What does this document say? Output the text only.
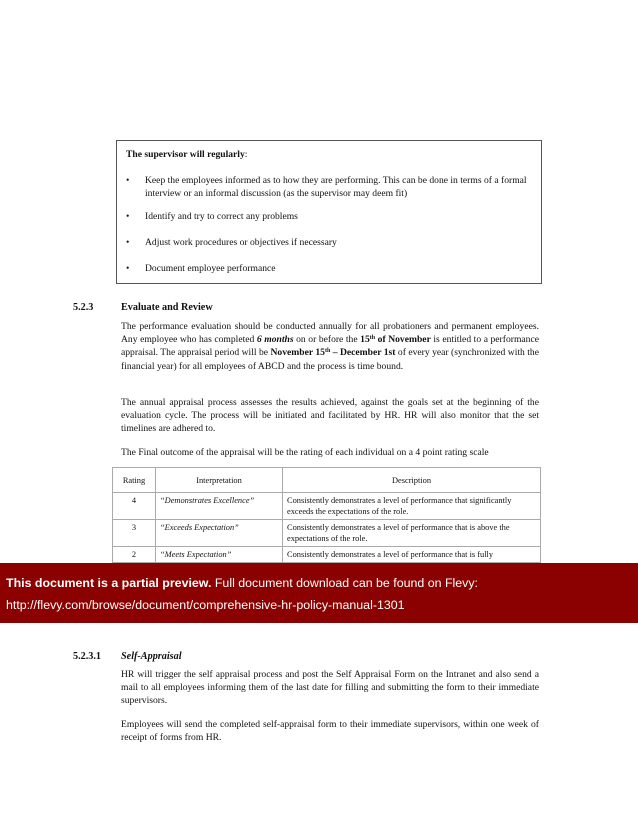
The supervisor will regularly:
• Keep the employees informed as to how they are performing. This can be done in terms of a formal interview or an informal discussion (as the supervisor may deem fit)
• Identify and try to correct any problems
• Adjust work procedures or objectives if necessary
• Document employee performance
5.2.3	Evaluate and Review

The performance evaluation should be conducted annually for all probationers and permanent employees. Any employee who has completed 6 months on or before the 15th of November is entitled to a performance appraisal. The appraisal period will be November 15th – December 1st of every year (synchronized with the financial year) for all employees of ABCD and the process is time bound.

The annual appraisal process assesses the results achieved, against the goals set at the beginning of the evaluation cycle. The process will be initiated and facilitated by HR. HR will also monitor that the set timelines are adhered to.

The Final outcome of the appraisal will be the rating of each individual on a 4 point rating scale

Rating	Interpretation	Description
4	“Demonstrates Excellence”	Consistently demonstrates a level of performance that significantly exceeds the expectations of the role.
3	“Exceeds Expectation”	Consistently demonstrates a level of performance that is above the expectations of the role.
2	“Meets Expectation”	Consistently demonstrates a level of performance that is fully
This document is a partial preview. Full document download can be found on Flevy:
http://flevy.com/browse/document/comprehensive-hr-policy-manual-1301
5.2.3.1 Self-Appraisal

HR will trigger the self appraisal process and post the Self Appraisal Form on the Intranet and also send a mail to all employees informing them of the last date for filling and submitting the form to their immediate supervisors.

Employees will send the completed self-appraisal form to their immediate supervisors, within one week of receipt of forms from HR.
